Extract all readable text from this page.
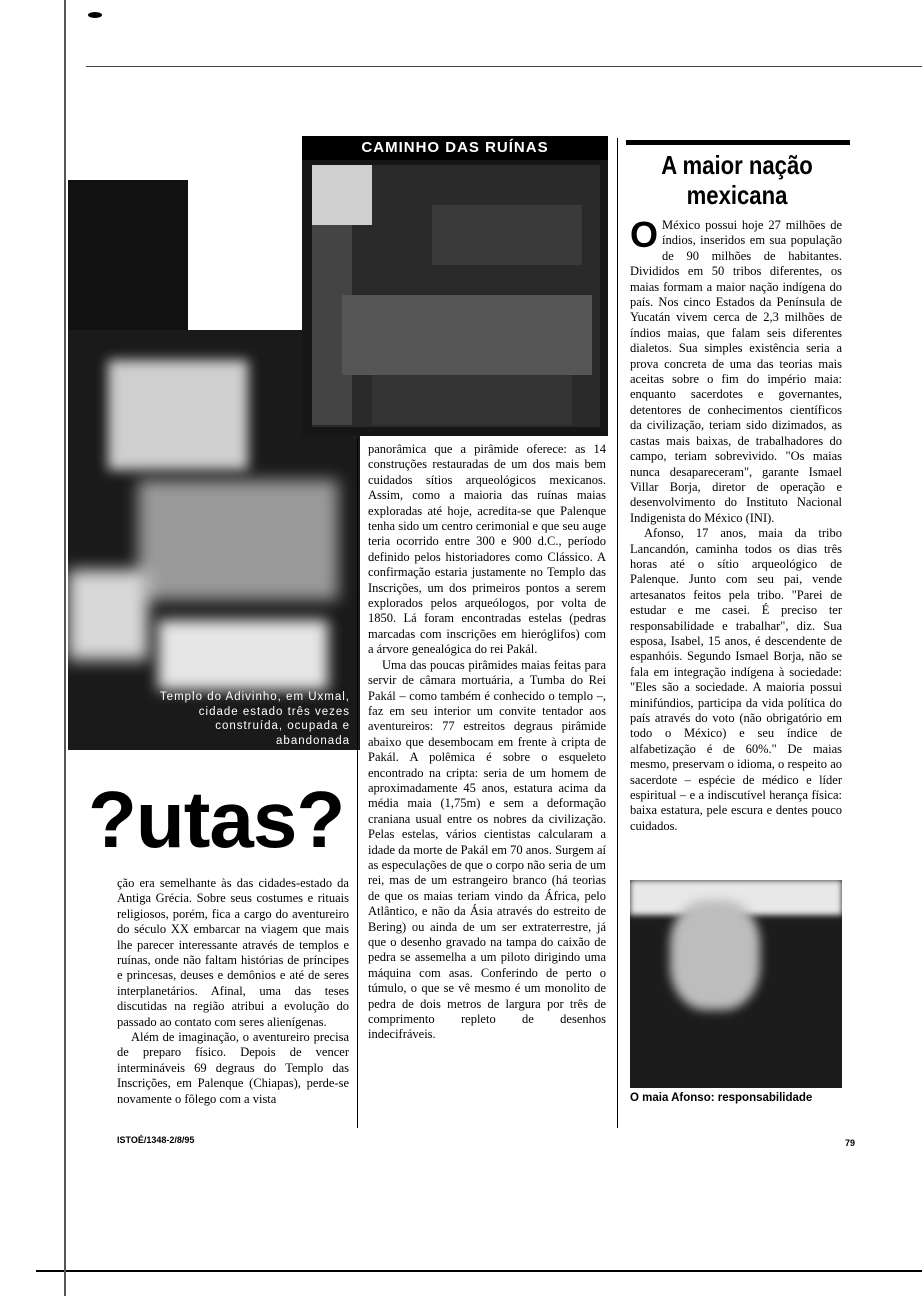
Templo do Adivinho, em Uxmal, cidade estado três vezes construída, ocupada e abandonada
CAMINHO DAS RUÍNAS
?utas?

ção era semelhante às das cidades-estado da Antiga Grécia. Sobre seus costumes e rituais religiosos, porém, fica a cargo do aventureiro do século XX embarcar na viagem que mais lhe parecer interessante através de templos e ruínas, onde não faltam histórias de príncipes e princesas, deuses e demônios e até de seres interplanetários. Afinal, uma das teses discutidas na região atribui a evolução do passado ao contato com seres alienígenas.

Além de imaginação, o aventureiro precisa de preparo físico. Depois de vencer intermináveis 69 degraus do Templo das Inscrições, em Palenque (Chiapas), perde-se novamente o fôlego com a vista

panorâmica que a pirâmide oferece: as 14 construções restauradas de um dos mais bem cuidados sítios arqueológicos mexicanos. Assim, como a maioria das ruínas maias exploradas até hoje, acredita-se que Palenque tenha sido um centro cerimonial e que seu auge teria ocorrido entre 300 e 900 d.C., período definido pelos historiadores como Clássico. A confirmação estaria justamente no Templo das Inscrições, um dos primeiros pontos a serem explorados pelos arqueólogos, por volta de 1850. Lá foram encontradas estelas (pedras marcadas com inscrições em hieróglifos) com a árvore genealógica do rei Pakál.

Uma das poucas pirâmides maias feitas para servir de câmara mortuária, a Tumba do Rei Pakál – como também é conhecido o templo –, faz em seu interior um convite tentador aos aventureiros: 77 estreitos degraus pirâmide abaixo que desembocam em frente à cripta de Pakál. A polêmica é sobre o esqueleto encontrado na cripta: seria de um homem de aproximadamente 45 anos, estatura acima da média maia (1,75m) e sem a deformação craniana usual entre os nobres da civilização. Pelas estelas, vários cientistas calcularam a idade da morte de Pakál em 70 anos. Surgem aí as especulações de que o corpo não seria de um rei, mas de um estrangeiro branco (há teorias de que os maias teriam vindo da África, pelo Atlântico, e não da Ásia através do estreito de Bering) ou ainda de um ser extraterrestre, já que o desenho gravado na tampa do caixão de pedra se assemelha a um piloto dirigindo uma máquina com asas. Conferindo de perto o túmulo, o que se vê mesmo é um monolito de pedra de dois metros de largura por três de comprimento repleto de desenhos indecifráveis.

A maior nação
mexicana

O México possui hoje 27 milhões de índios, inseridos em sua população de 90 milhões de habitantes. Divididos em 50 tribos diferentes, os maias formam a maior nação indígena do país. Nos cinco Estados da Península de Yucatán vivem cerca de 2,3 milhões de índios maias, que falam seis diferentes dialetos. Sua simples existência seria a prova concreta de uma das teorias mais aceitas sobre o fim do império maia: enquanto sacerdotes e governantes, detentores de conhecimentos científicos da civilização, teriam sido dizimados, as castas mais baixas, de trabalhadores do campo, teriam sobrevivido. "Os maias nunca desapareceram", garante Ismael Villar Borja, diretor de operação e desenvolvimento do Instituto Nacional Indigenista do México (INI).

Afonso, 17 anos, maia da tribo Lancandón, caminha todos os dias três horas até o sítio arqueológico de Palenque. Junto com seu pai, vende artesanatos feitos pela tribo. "Parei de estudar e me casei. É preciso ter responsabilidade e trabalhar", diz. Sua esposa, Isabel, 15 anos, é descendente de espanhóis. Segundo Ismael Borja, não se fala em integração indígena à sociedade: "Eles são a sociedade. A maioria possui minifúndios, participa da vida política do país através do voto (não obrigatório em todo o México) e seu índice de alfabetização é de 60%." De maias mesmo, preservam o idioma, o respeito ao sacerdote – espécie de médico e líder espiritual – e a indiscutível herança física: baixa estatura, pele escura e dentes pouco cuidados.

O maia Afonso: responsabilidade
ISTOÉ/1348-2/8/95	79
